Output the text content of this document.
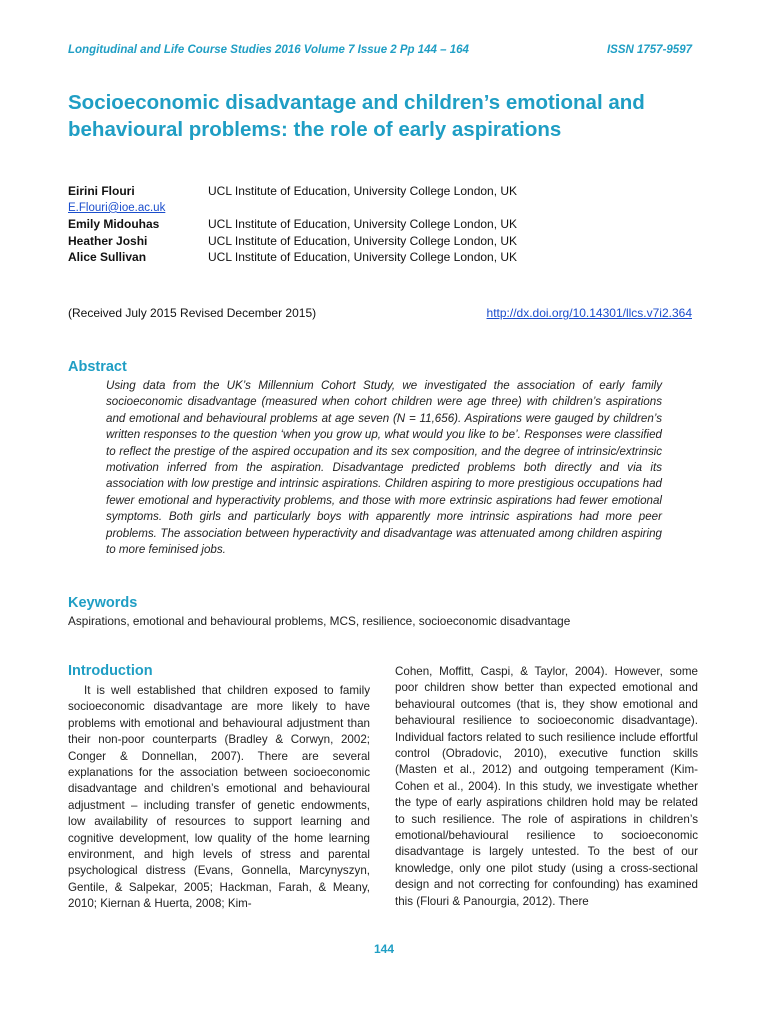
Longitudinal and Life Course Studies 2016 Volume 7 Issue 2 Pp 144 – 164	ISSN 1757-9597
Socioeconomic disadvantage and children’s emotional and behavioural problems: the role of early aspirations
Eirini Flouri	UCL Institute of Education, University College London, UK
E.Flouri@ioe.ac.uk
Emily Midouhas	UCL Institute of Education, University College London, UK
Heather Joshi	UCL Institute of Education, University College London, UK
Alice Sullivan	UCL Institute of Education, University College London, UK
(Received July 2015 Revised December 2015)	http://dx.doi.org/10.14301/llcs.v7i2.364
Abstract

Using data from the UK’s Millennium Cohort Study, we investigated the association of early family socioeconomic disadvantage (measured when cohort children were age three) with children’s aspirations and emotional and behavioural problems at age seven (N = 11,656). Aspirations were gauged by children’s written responses to the question ‘when you grow up, what would you like to be’. Responses were classified to reflect the prestige of the aspired occupation and its sex composition, and the degree of intrinsic/extrinsic motivation inferred from the aspiration. Disadvantage predicted problems both directly and via its association with low prestige and intrinsic aspirations. Children aspiring to more prestigious occupations had fewer emotional and hyperactivity problems, and those with more extrinsic aspirations had fewer emotional symptoms. Both girls and particularly boys with apparently more intrinsic aspirations had more peer problems. The association between hyperactivity and disadvantage was attenuated among children aspiring to more feminised jobs.

Keywords

Aspirations, emotional and behavioural problems, MCS, resilience, socioeconomic disadvantage

Introduction

It is well established that children exposed to family socioeconomic disadvantage are more likely to have problems with emotional and behavioural adjustment than their non-poor counterparts (Bradley & Corwyn, 2002; Conger & Donnellan, 2007). There are several explanations for the association between socioeconomic disadvantage and children’s emotional and behavioural adjustment – including transfer of genetic endowments, low availability of resources to support learning and cognitive development, low quality of the home learning environment, and high levels of stress and parental psychological distress (Evans, Gonnella, Marcynyszyn, Gentile, & Salpekar, 2005; Hackman, Farah, & Meany, 2010; Kiernan & Huerta, 2008; Kim-

Cohen, Moffitt, Caspi, & Taylor, 2004). However, some poor children show better than expected emotional and behavioural outcomes (that is, they show emotional and behavioural resilience to socioeconomic disadvantage). Individual factors related to such resilience include effortful control (Obradovic, 2010), executive function skills (Masten et al., 2012) and outgoing temperament (Kim-Cohen et al., 2004). In this study, we investigate whether the type of early aspirations children hold may be related to such resilience. The role of aspirations in children’s emotional/behavioural resilience to socioeconomic disadvantage is largely untested. To the best of our knowledge, only one pilot study (using a cross-sectional design and not correcting for confounding) has examined this (Flouri & Panourgia, 2012). There

144
